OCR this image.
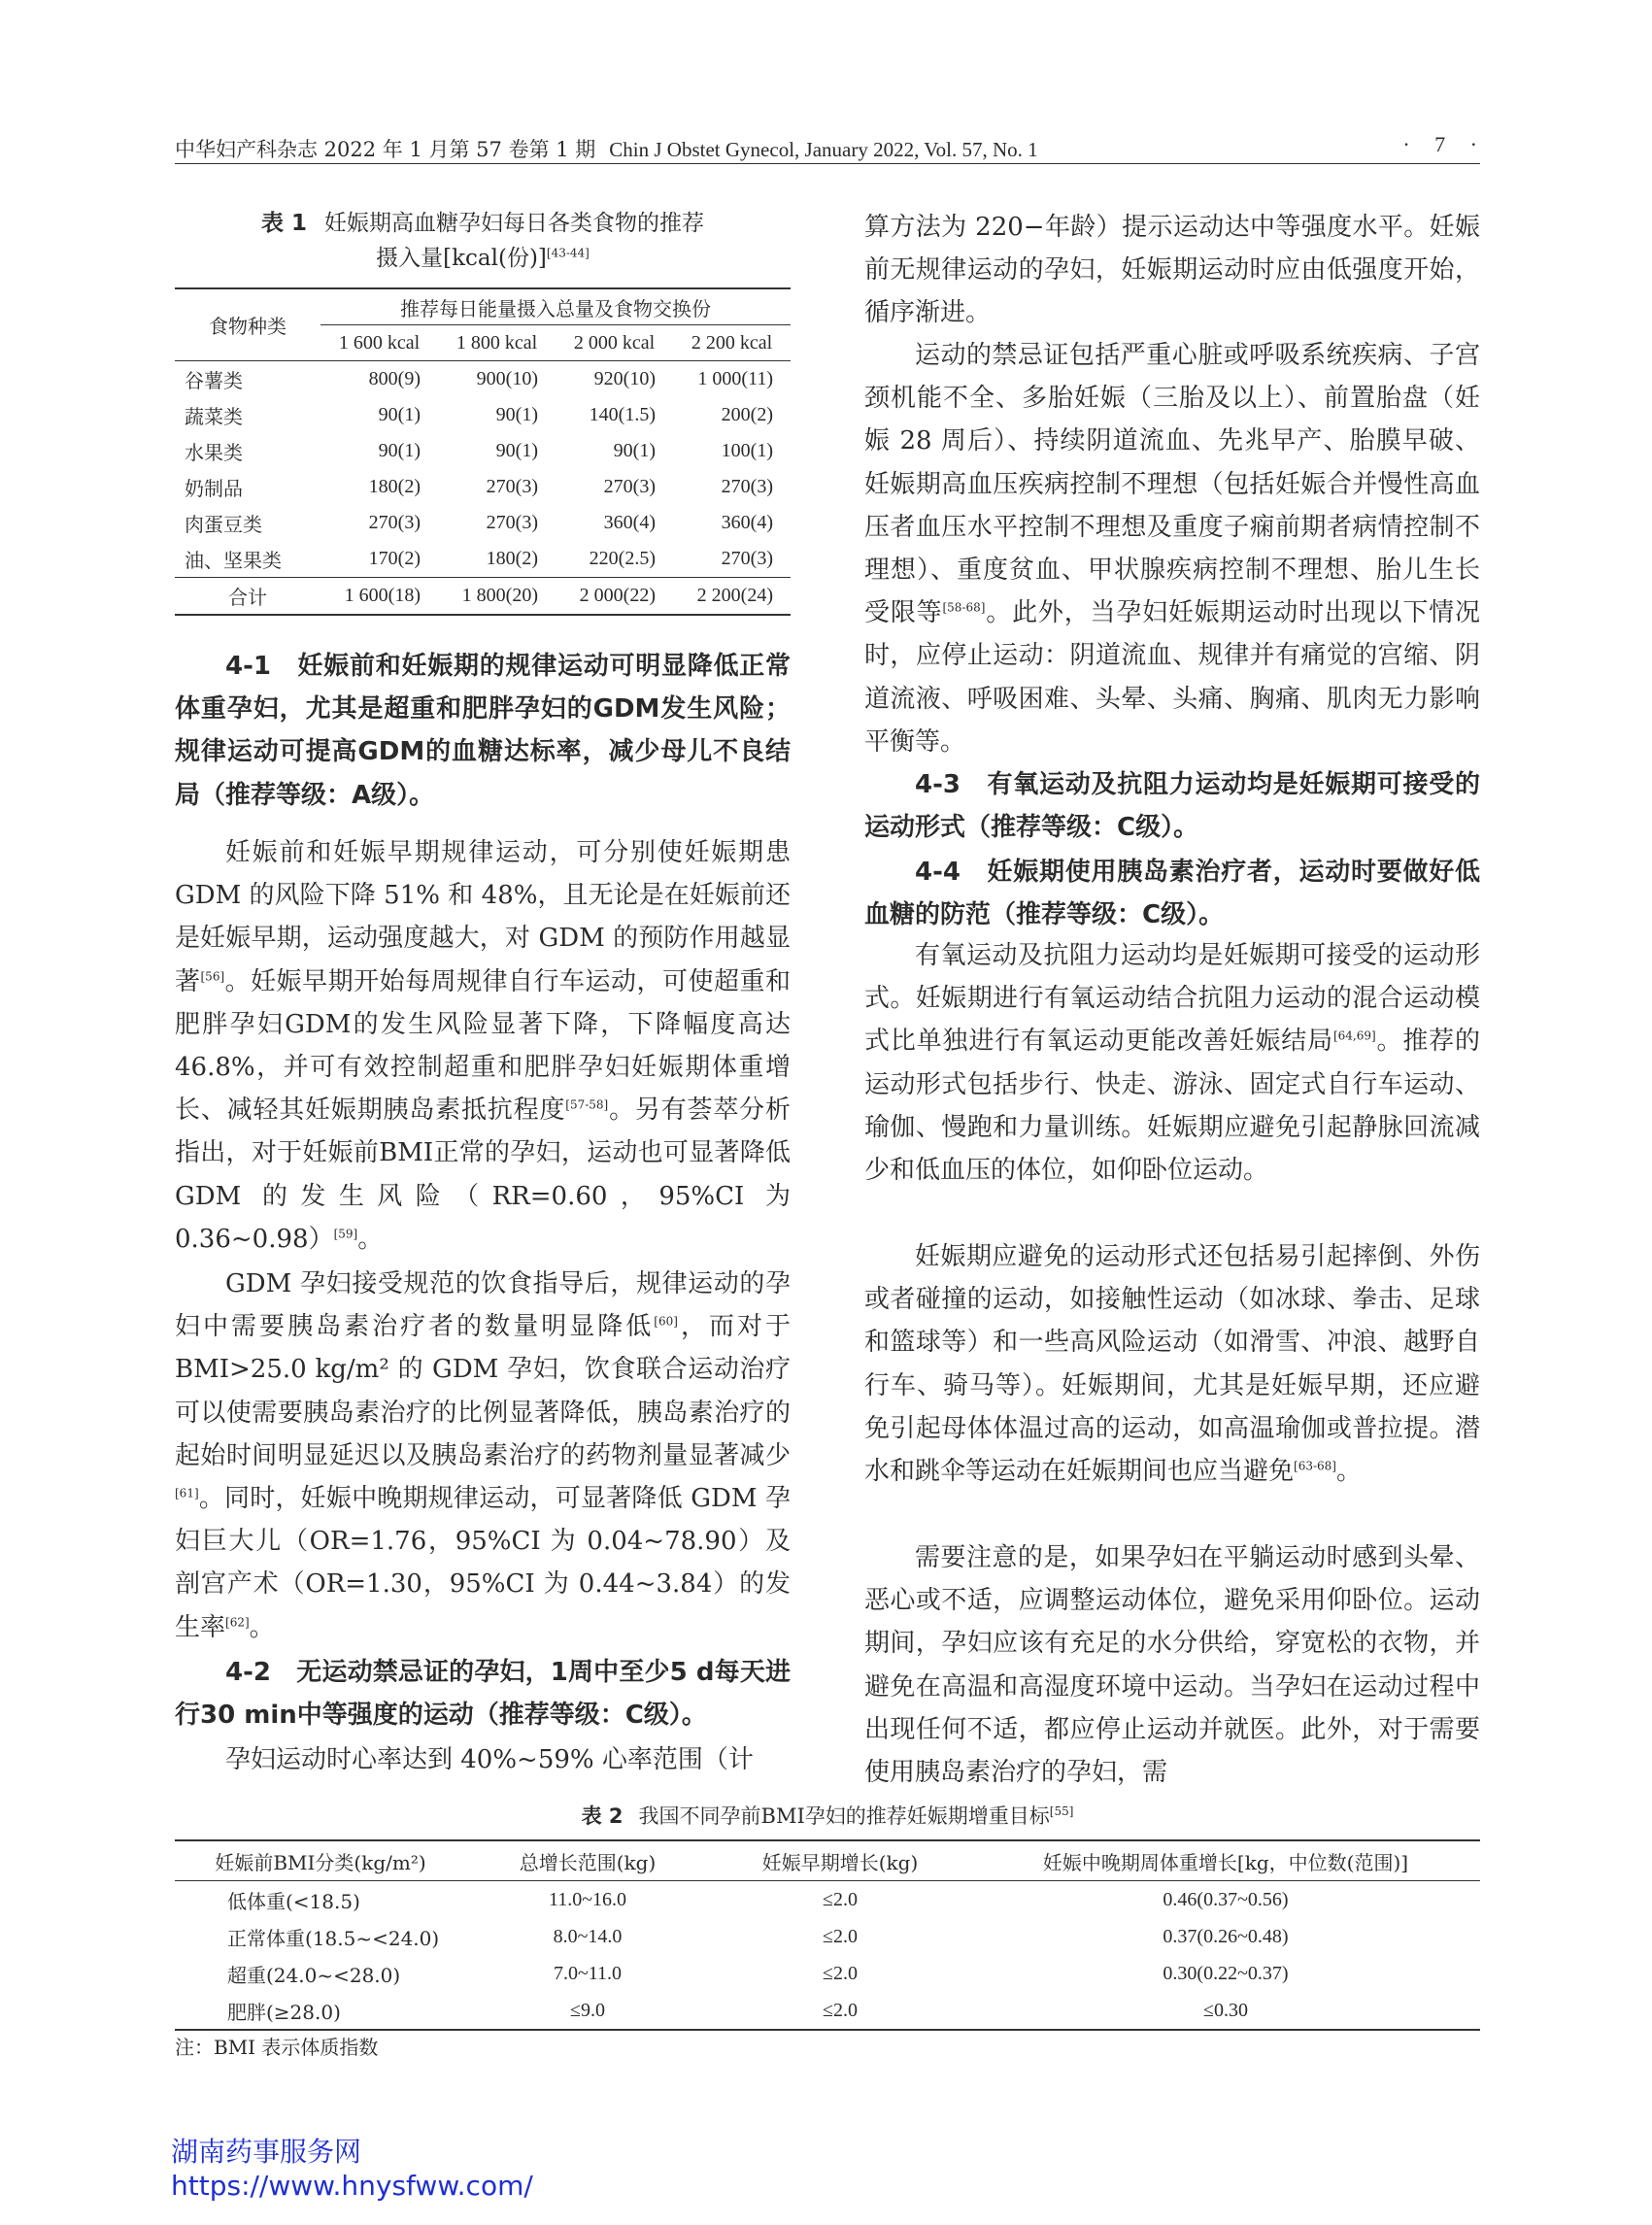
中华妇产科杂志 2022 年 1 月第 57 卷第 1 期 Chin J Obstet Gynecol, January 2022, Vol. 57, No. 1	· 7 ·
表 1 妊娠期高血糖孕妇每日各类食物的推荐
摄入量[kcal(份)][43-44]
食物种类	推荐每日能量摄入总量及食物交换份			
	1 600 kcal	1 800 kcal	2 000 kcal	2 200 kcal
谷薯类	800(9)	900(10)	920(10)	1 000(11)
蔬菜类	90(1)	90(1)	140(1.5)	200(2)
水果类	90(1)	90(1)	90(1)	100(1)
奶制品	180(2)	270(3)	270(3)	270(3)
肉蛋豆类	270(3)	270(3)	360(4)	360(4)
油、坚果类	170(2)	180(2)	220(2.5)	270(3)
合计	1 600(18)	1 800(20)	2 000(22)	2 200(24)
4-1　妊娠前和妊娠期的规律运动可明显降低正常体重孕妇，尤其是超重和肥胖孕妇的GDM发生风险；规律运动可提高GDM的血糖达标率，减少母儿不良结局（推荐等级：A级）。
妊娠前和妊娠早期规律运动，可分别使妊娠期患 GDM 的风险下降 51% 和 48%，且无论是在妊娠前还是妊娠早期，运动强度越大，对 GDM 的预防作用越显著[56]。妊娠早期开始每周规律自行车运动，可使超重和肥胖孕妇GDM的发生风险显著下降，下降幅度高达46.8%，并可有效控制超重和肥胖孕妇妊娠期体重增长、减轻其妊娠期胰岛素抵抗程度[57-58]。另有荟萃分析指出，对于妊娠前BMI正常的孕妇，运动也可显著降低 GDM 的发生风险（RR=0.60，95%CI 为 0.36~0.98）[59]。
GDM 孕妇接受规范的饮食指导后，规律运动的孕妇中需要胰岛素治疗者的数量明显降低[60]，而对于 BMI>25.0 kg/m² 的 GDM 孕妇，饮食联合运动治疗可以使需要胰岛素治疗的比例显著降低，胰岛素治疗的起始时间明显延迟以及胰岛素治疗的药物剂量显著减少[61]。同时，妊娠中晚期规律运动，可显著降低 GDM 孕妇巨大儿（OR=1.76，95%CI 为 0.04~78.90）及剖宫产术（OR=1.30，95%CI 为 0.44~3.84）的发生率[62]。
4-2　无运动禁忌证的孕妇，1周中至少5 d每天进行30 min中等强度的运动（推荐等级：C级）。
孕妇运动时心率达到 40%~59% 心率范围（计
算方法为 220−年龄）提示运动达中等强度水平。妊娠前无规律运动的孕妇，妊娠期运动时应由低强度开始，循序渐进。
运动的禁忌证包括严重心脏或呼吸系统疾病、子宫颈机能不全、多胎妊娠（三胎及以上）、前置胎盘（妊娠 28 周后）、持续阴道流血、先兆早产、胎膜早破、妊娠期高血压疾病控制不理想（包括妊娠合并慢性高血压者血压水平控制不理想及重度子痫前期者病情控制不理想）、重度贫血、甲状腺疾病控制不理想、胎儿生长受限等[58-68]。此外，当孕妇妊娠期运动时出现以下情况时，应停止运动：阴道流血、规律并有痛觉的宫缩、阴道流液、呼吸困难、头晕、头痛、胸痛、肌肉无力影响平衡等。
4-3　有氧运动及抗阻力运动均是妊娠期可接受的运动形式（推荐等级：C级）。
4-4　妊娠期使用胰岛素治疗者，运动时要做好低血糖的防范（推荐等级：C级）。
有氧运动及抗阻力运动均是妊娠期可接受的运动形式。妊娠期进行有氧运动结合抗阻力运动的混合运动模式比单独进行有氧运动更能改善妊娠结局[64,69]。推荐的运动形式包括步行、快走、游泳、固定式自行车运动、瑜伽、慢跑和力量训练。妊娠期应避免引起静脉回流减少和低血压的体位，如仰卧位运动。
妊娠期应避免的运动形式还包括易引起摔倒、外伤或者碰撞的运动，如接触性运动（如冰球、拳击、足球和篮球等）和一些高风险运动（如滑雪、冲浪、越野自行车、骑马等）。妊娠期间，尤其是妊娠早期，还应避免引起母体体温过高的运动，如高温瑜伽或普拉提。潜水和跳伞等运动在妊娠期间也应当避免[63-68]。
需要注意的是，如果孕妇在平躺运动时感到头晕、恶心或不适，应调整运动体位，避免采用仰卧位。运动期间，孕妇应该有充足的水分供给，穿宽松的衣物，并避免在高温和高湿度环境中运动。当孕妇在运动过程中出现任何不适，都应停止运动并就医。此外，对于需要使用胰岛素治疗的孕妇，需
表 2 我国不同孕前BMI孕妇的推荐妊娠期增重目标[55]
妊娠前BMI分类(kg/m²)	总增长范围(kg)	妊娠早期增长(kg)	妊娠中晚期周体重增长[kg，中位数(范围)]
低体重(<18.5)	11.0~16.0	≤2.0	0.46(0.37~0.56)
正常体重(18.5~<24.0)	8.0~14.0	≤2.0	0.37(0.26~0.48)
超重(24.0~<28.0)	7.0~11.0	≤2.0	0.30(0.22~0.37)
肥胖(≥28.0)	≤9.0	≤2.0	≤0.30
注：BMI 表示体质指数
湖南药事服务网
https://www.hnysfww.com/
